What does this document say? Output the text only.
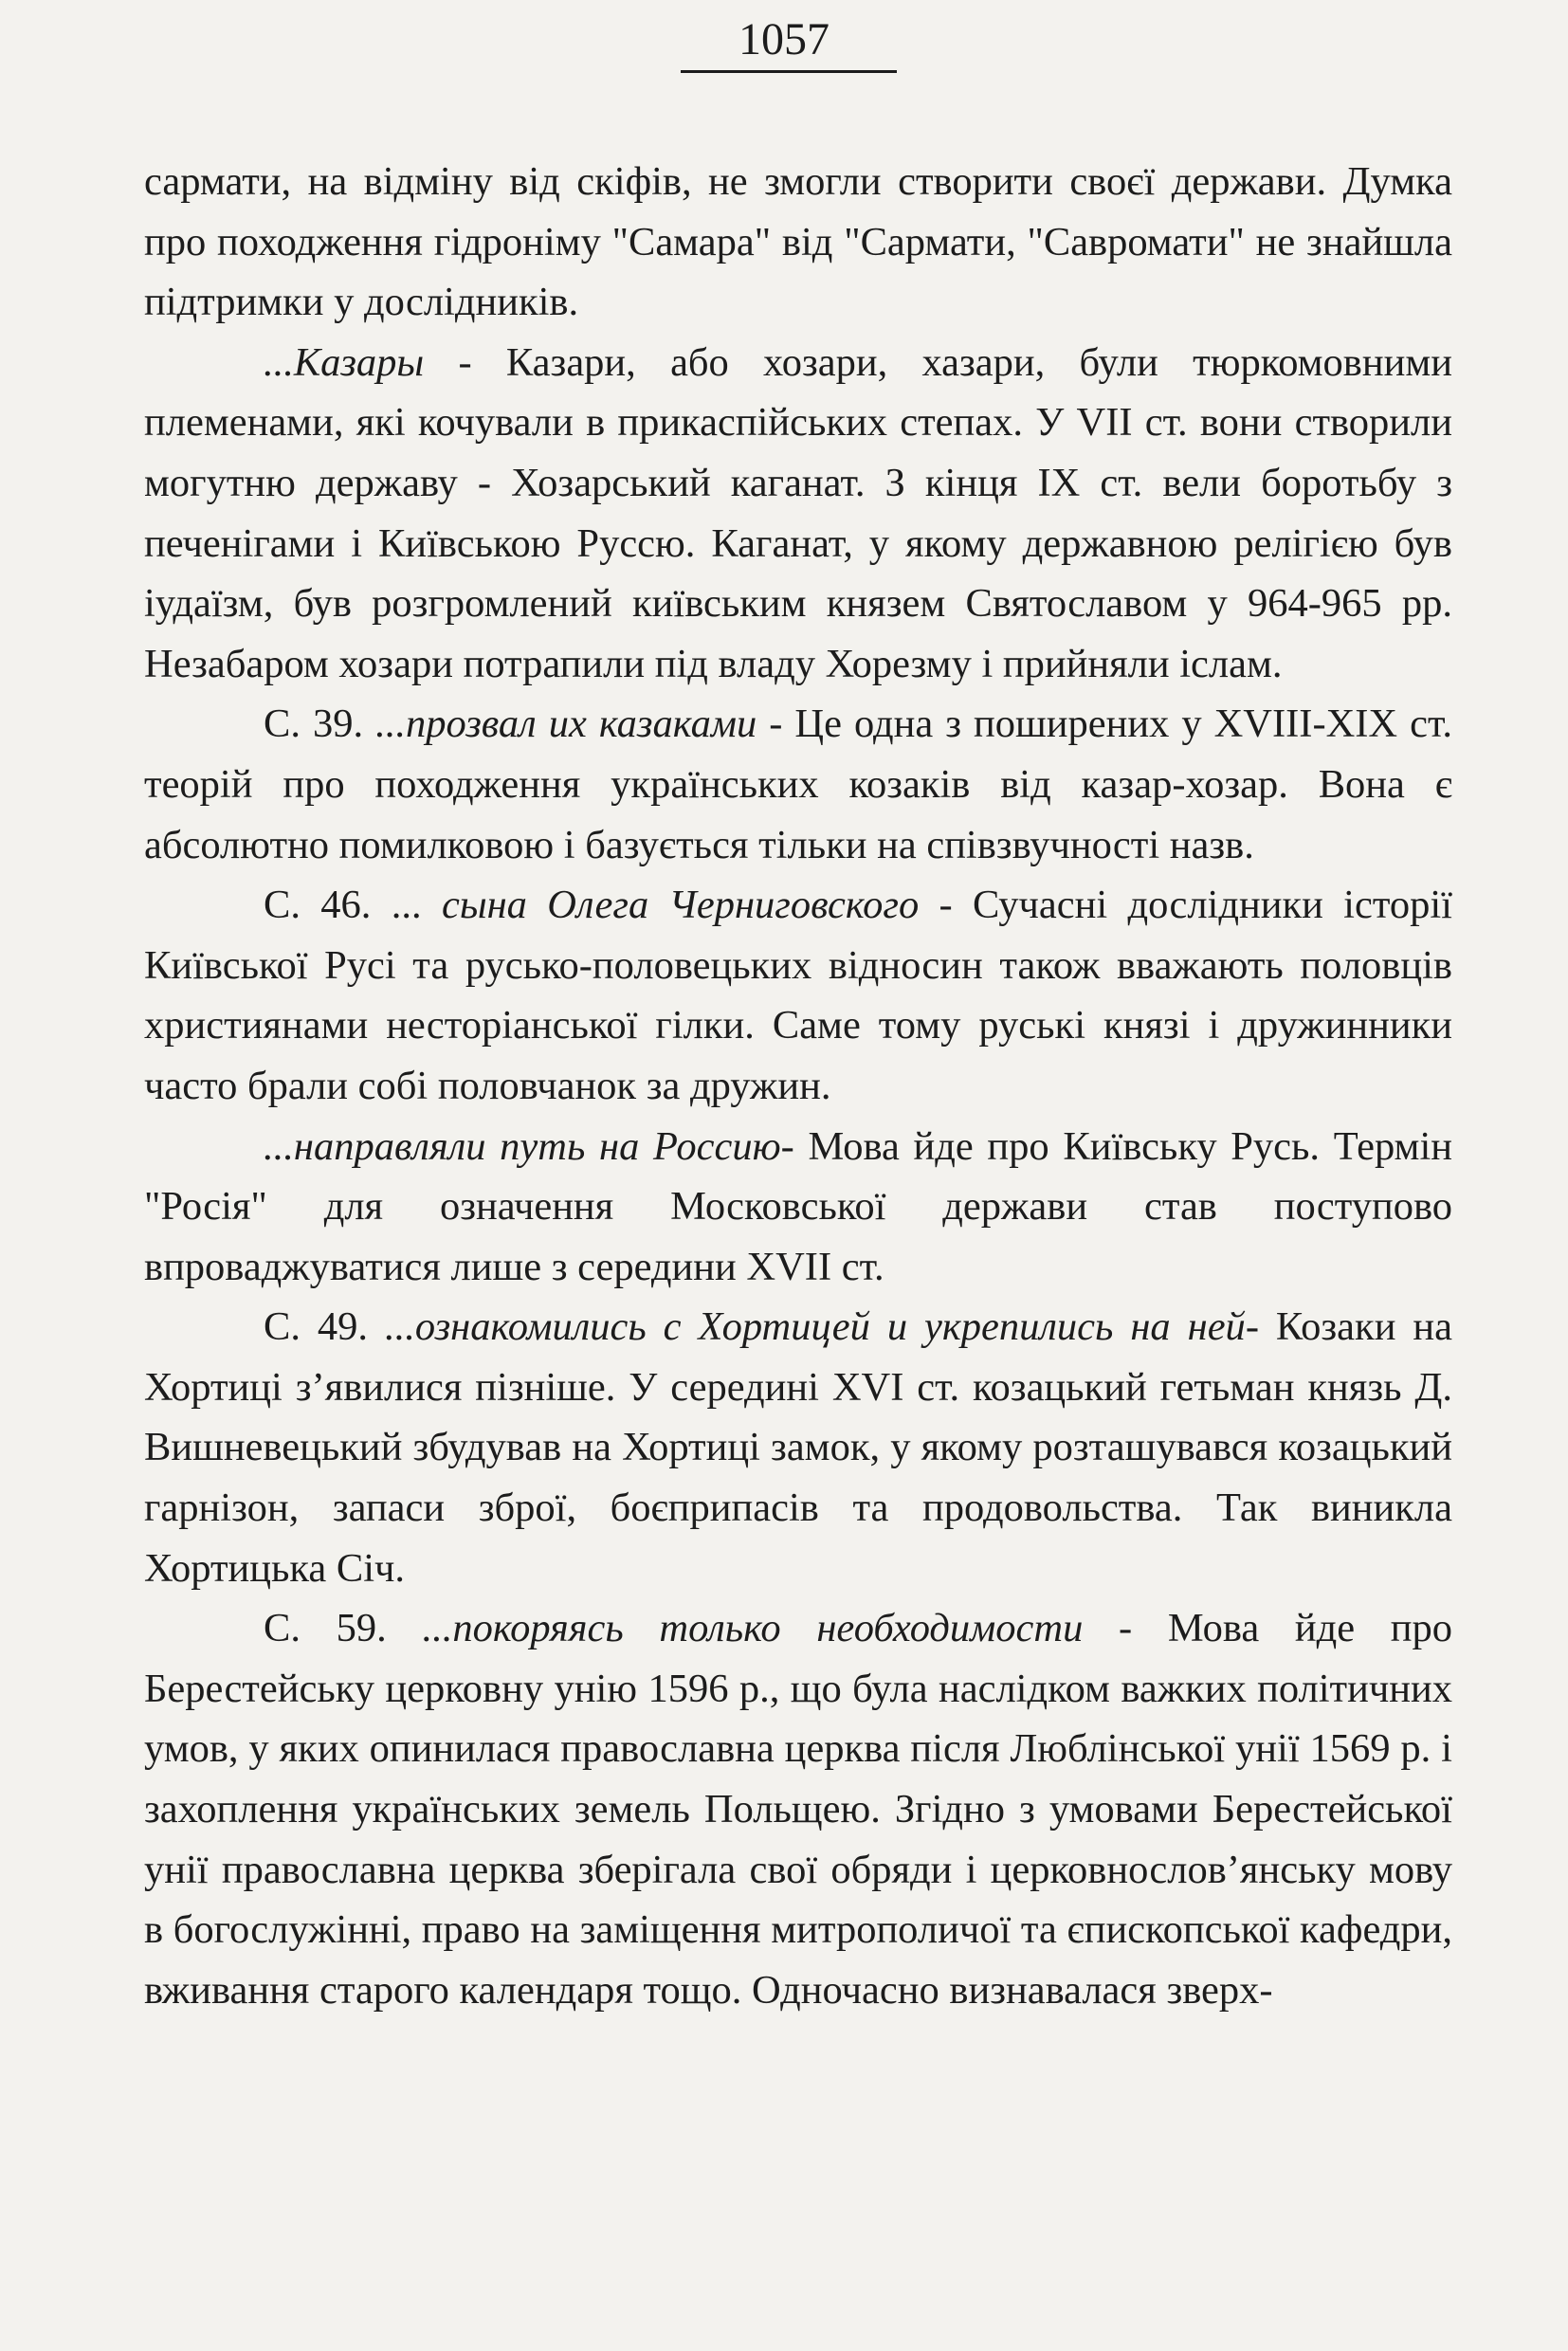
1057

сармати, на відміну від скіфів, не змогли створити своєї держави. Думка про походження гідроніму "Самара" від "Сармати, "Савромати" не знайшла підтримки у дослідників.

...Казары - Казари, або хозари, хазари, були тюркомовними племенами, які кочували в прикаспійських степах. У VII ст. вони створили могутню державу - Хозарський каганат. З кінця IX ст. вели боротьбу з печенігами і Київською Руссю. Каганат, у якому державною релігією був іудаїзм, був розгромлений київським князем Святославом у 964-965 рр. Незабаром хозари потрапили під владу Хорезму і прийняли іслам.

С. 39. ...прозвал их казаками - Це одна з поширених у XVIII-XIX ст. теорій про походження українських козаків від казар-хозар. Вона є абсолютно помилковою і базується тільки на співзвучності назв.

С. 46. ... сына Олега Черниговского - Сучасні дослідники історії Київської Русі та русько-половецьких відносин також вважають половців християнами несторіанської гілки. Саме тому руські князі і дружинники часто брали собі половчанок за дружин.

...направляли путь на Россию- Мова йде про Київську Русь. Термін "Росія" для означення Московської держави став поступово впроваджуватися лише з середини XVII ст.

С. 49. ...ознакомились с Хортицей и укрепились на ней- Козаки на Хортиці з’явилися пізніше. У середині XVI ст. козацький гетьман князь Д. Вишневецький збудував на Хортиці замок, у якому розташувався козацький гарнізон, запаси зброї, боєприпасів та продовольства. Так виникла Хортицька Січ.

С. 59. ...покоряясь только необходимости - Мова йде про Берестейську церковну унію 1596 р., що була наслідком важких політичних умов, у яких опинилася православна церква після Люблінської унії 1569 р. і захоплення українських земель Польщею. Згідно з умовами Берестейської унії православна церква зберігала свої обряди і церковнослов’янську мову в богослужінні, право на заміщення митрополичої та єпископської кафедри, вживання старого календаря тощо. Одночасно визнавалася зверх-
